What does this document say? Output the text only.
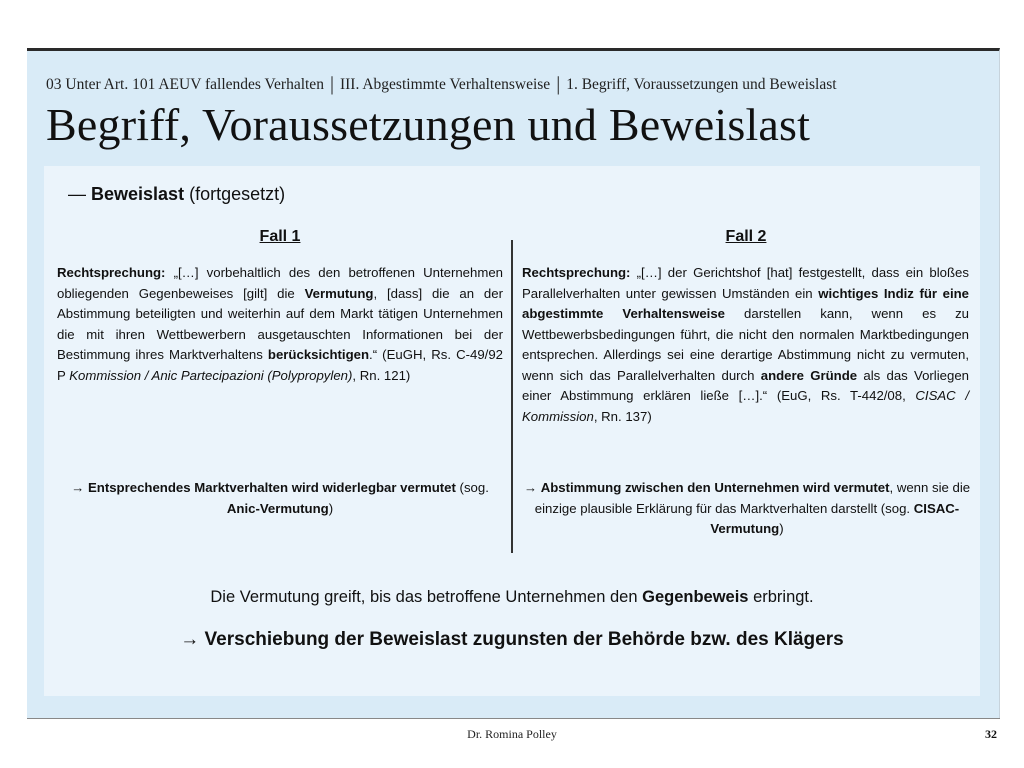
03 Unter Art. 101 AEUV fallendes Verhalten | III. Abgestimmte Verhaltensweise | 1. Begriff, Voraussetzungen und Beweislast
Begriff, Voraussetzungen und Beweislast
— Beweislast (fortgesetzt)
Fall 1	Fall 2
Rechtsprechung: „[…] vorbehaltlich des den betroffenen Unternehmen obliegenden Gegenbeweises [gilt] die Vermutung, [dass] die an der Abstimmung beteiligten und weiterhin auf dem Markt tätigen Unternehmen die mit ihren Wettbewerbern ausgetauschten Informationen bei der Bestimmung ihres Marktverhaltens berücksichtigen.“ (EuGH, Rs. C-49/92 P Kommission / Anic Partecipazioni (Polypropylen), Rn. 121)
Rechtsprechung: „[…] der Gerichtshof [hat] festgestellt, dass ein bloßes Parallelverhalten unter gewissen Umständen ein wichtiges Indiz für eine abgestimmte Verhaltensweise darstellen kann, wenn es zu Wettbewerbsbedingungen führt, die nicht den normalen Marktbedingungen entsprechen. Allerdings sei eine derartige Abstimmung nicht zu vermuten, wenn sich das Parallelverhalten durch andere Gründe als das Vorliegen einer Abstimmung erklären ließe […].“ (EuG, Rs. T-442/08, CISAC / Kommission, Rn. 137)
→ Entsprechendes Marktverhalten wird widerlegbar vermutet (sog. Anic-Vermutung)
→ Abstimmung zwischen den Unternehmen wird vermutet, wenn sie die einzige plausible Erklärung für das Marktverhalten darstellt (sog. CISAC-Vermutung)
Die Vermutung greift, bis das betroffene Unternehmen den Gegenbeweis erbringt.
→ Verschiebung der Beweislast zugunsten der Behörde bzw. des Klägers
Dr. Romina Polley	32
